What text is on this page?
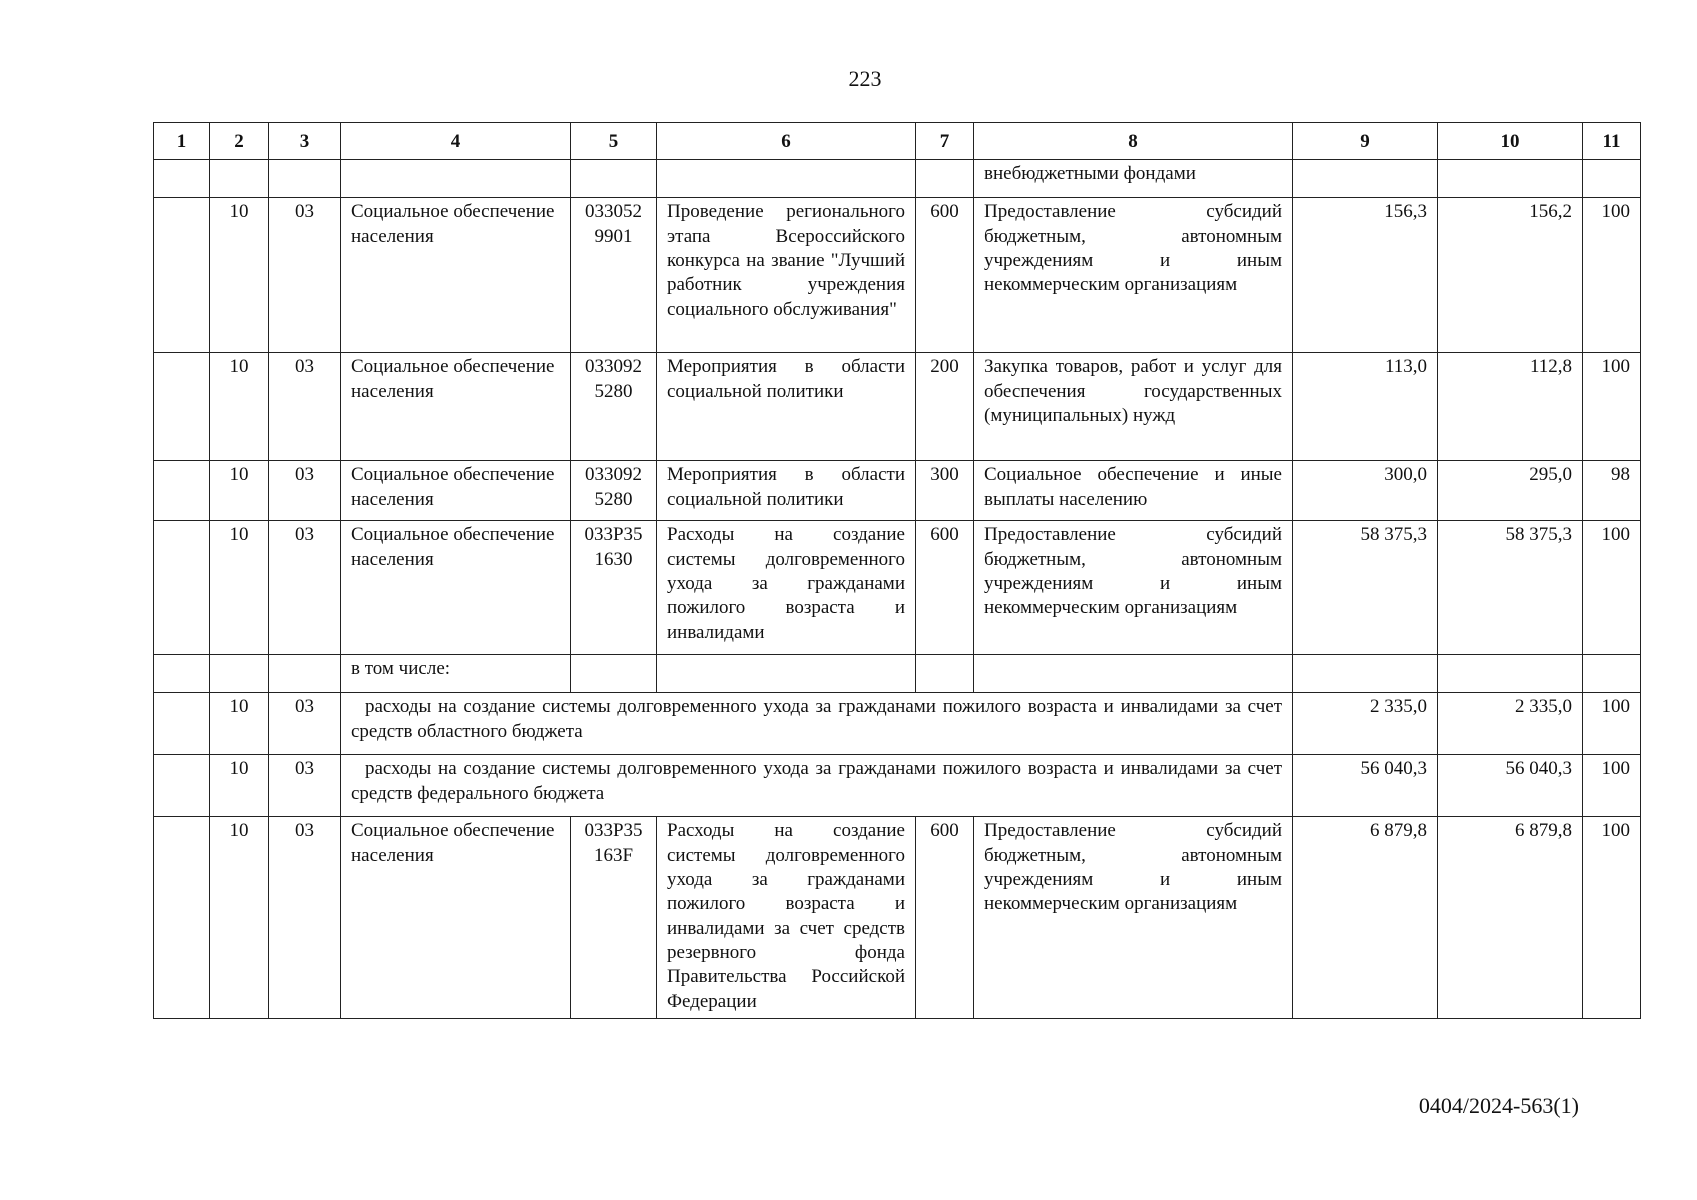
223
1	2	3	4	5	6	7	8	9	10	11
							внебюджетными фондами			
	10	03	Социальное обеспечение населения	033052 9901	Проведение регионального этапа Всероссийского конкурса на звание "Лучший работник учреждения социального обслуживания"	600	Предоставление субсидий бюджетным, автономным учреждениям и иным некоммерческим организациям	156,3	156,2	100
	10	03	Социальное обеспечение населения	033092 5280	Мероприятия в области социальной политики	200	Закупка товаров, работ и услуг для обеспечения государственных (муниципальных) нужд	113,0	112,8	100
	10	03	Социальное обеспечение населения	033092 5280	Мероприятия в области социальной политики	300	Социальное обеспечение и иные выплаты населению	300,0	295,0	98
	10	03	Социальное обеспечение населения	033Р35 1630	Расходы на создание системы долговременного ухода за гражданами пожилого возраста и инвалидами	600	Предоставление субсидий бюджетным, автономным учреждениям и иным некоммерческим организациям	58 375,3	58 375,3	100
			в том числе:							
	10	03	расходы на создание системы долговременного ухода за гражданами пожилого возраста и инвалидами за счет средств областного бюджета					2 335,0	2 335,0	100
	10	03	расходы на создание системы долговременного ухода за гражданами пожилого возраста и инвалидами за счет средств федерального бюджета					56 040,3	56 040,3	100
	10	03	Социальное обеспечение населения	033Р35 163F	Расходы на создание системы долговременного ухода за гражданами пожилого возраста и инвалидами за счет средств резервного фонда Правительства Российской Федерации	600	Предоставление субсидий бюджетным, автономным учреждениям и иным некоммерческим организациям	6 879,8	6 879,8	100
0404/2024-563(1)
